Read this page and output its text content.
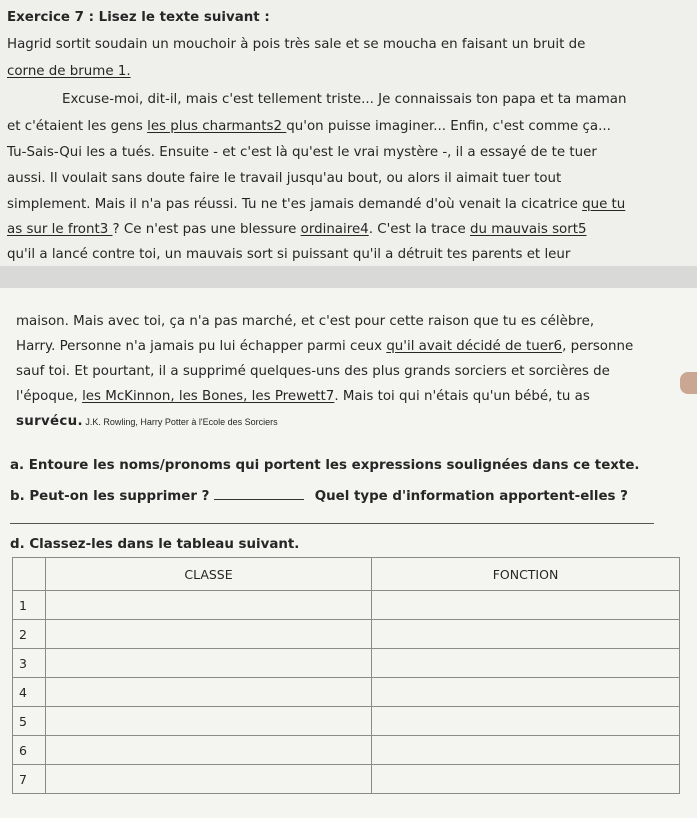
Exercice 7 : Lisez le texte suivant :
Hagrid sortit soudain un mouchoir à pois très sale et se moucha en faisant un bruit de
corne de brume 1.
Excuse-moi, dit-il, mais c'est tellement triste... Je connaissais ton papa et ta maman
et c'étaient les gens les plus charmants2 qu'on puisse imaginer... Enfin, c'est comme ça...
Tu-Sais-Qui les a tués. Ensuite - et c'est là qu'est le vrai mystère -, il a essayé de te tuer
aussi. Il voulait sans doute faire le travail jusqu'au bout, ou alors il aimait tuer tout
simplement. Mais il n'a pas réussi. Tu ne t'es jamais demandé d'où venait la cicatrice que tu
as sur le front3 ? Ce n'est pas une blessure ordinaire4. C'est la trace du mauvais sort5
qu'il a lancé contre toi, un mauvais sort si puissant qu'il a détruit tes parents et leur
maison. Mais avec toi, ça n'a pas marché, et c'est pour cette raison que tu es célèbre,
Harry. Personne n'a jamais pu lui échapper parmi ceux qu'il avait décidé de tuer6, personne
sauf toi. Et pourtant, il a supprimé quelques-uns des plus grands sorciers et sorcières de
l'époque, les McKinnon, les Bones, les Prewett7. Mais toi qui n'étais qu'un bébé, tu as
survécu. J.K. Rowling, Harry Potter à l'Ecole des Sorciers
a. Entoure les noms/pronoms qui portent les expressions soulignées dans ce texte.
b. Peut-on les supprimer ?	Quel type d'information apportent-elles ?
d. Classez-les dans le tableau suivant.
	CLASSE	FONCTION
1		
2		
3		
4		
5		
6		
7		
